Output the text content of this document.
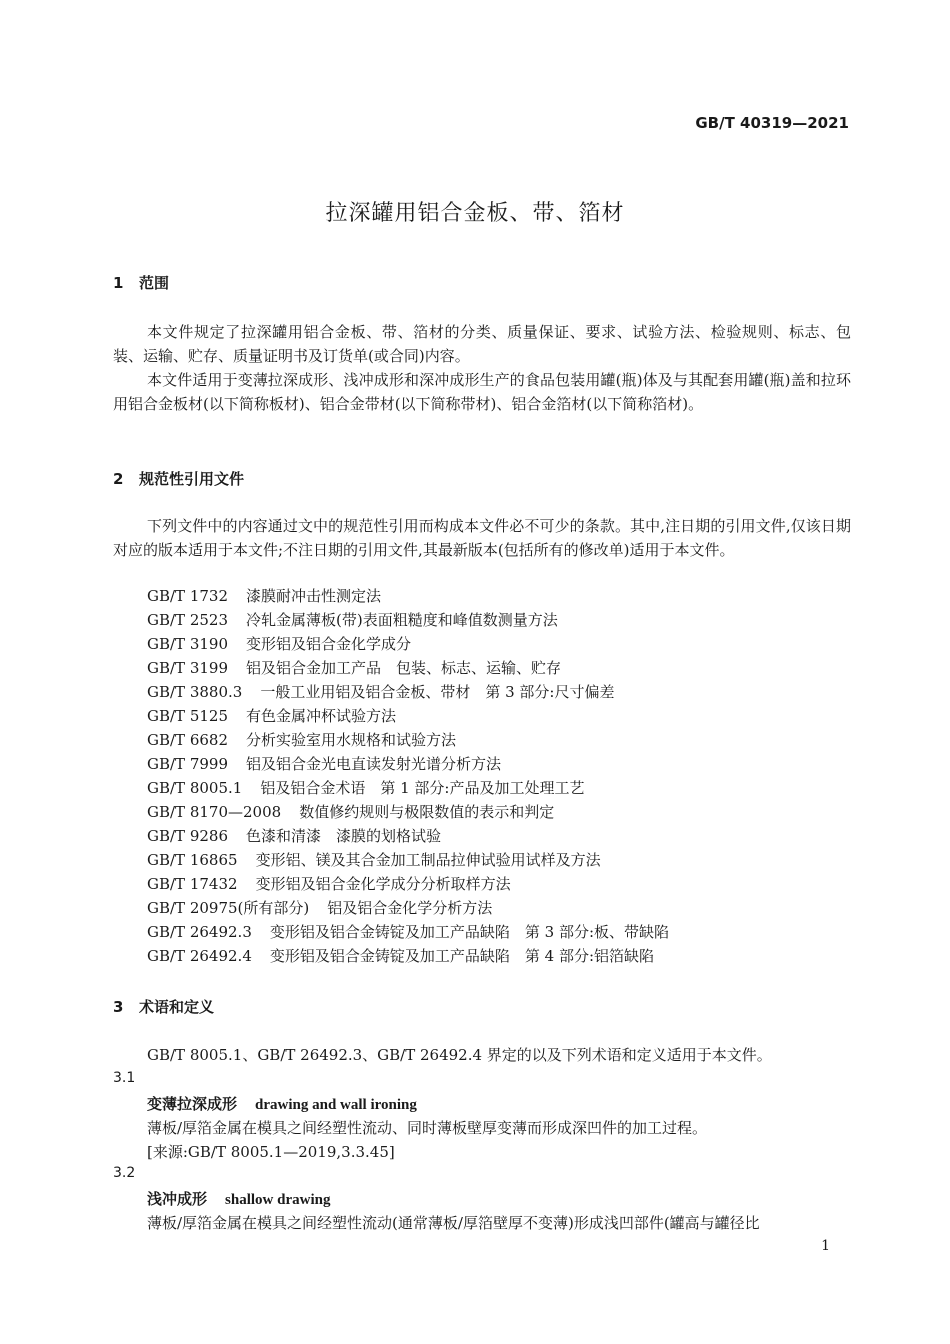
GB/T 40319—2021
拉深罐用铝合金板、带、箔材
1 范围
本文件规定了拉深罐用铝合金板、带、箔材的分类、质量保证、要求、试验方法、检验规则、标志、包装、运输、贮存、质量证明书及订货单(或合同)内容。
本文件适用于变薄拉深成形、浅冲成形和深冲成形生产的食品包装用罐(瓶)体及与其配套用罐(瓶)盖和拉环用铝合金板材(以下简称板材)、铝合金带材(以下简称带材)、铝合金箔材(以下简称箔材)。
2 规范性引用文件
下列文件中的内容通过文中的规范性引用而构成本文件必不可少的条款。其中,注日期的引用文件,仅该日期对应的版本适用于本文件;不注日期的引用文件,其最新版本(包括所有的修改单)适用于本文件。
GB/T 1732 漆膜耐冲击性测定法
GB/T 2523 冷轧金属薄板(带)表面粗糙度和峰值数测量方法
GB/T 3190 变形铝及铝合金化学成分
GB/T 3199 铝及铝合金加工产品　包装、标志、运输、贮存
GB/T 3880.3 一般工业用铝及铝合金板、带材　第 3 部分:尺寸偏差
GB/T 5125 有色金属冲杯试验方法
GB/T 6682 分析实验室用水规格和试验方法
GB/T 7999 铝及铝合金光电直读发射光谱分析方法
GB/T 8005.1 铝及铝合金术语　第 1 部分:产品及加工处理工艺
GB/T 8170—2008 数值修约规则与极限数值的表示和判定
GB/T 9286 色漆和清漆　漆膜的划格试验
GB/T 16865 变形铝、镁及其合金加工制品拉伸试验用试样及方法
GB/T 17432 变形铝及铝合金化学成分分析取样方法
GB/T 20975(所有部分) 铝及铝合金化学分析方法
GB/T 26492.3 变形铝及铝合金铸锭及加工产品缺陷　第 3 部分:板、带缺陷
GB/T 26492.4 变形铝及铝合金铸锭及加工产品缺陷　第 4 部分:铝箔缺陷
3 术语和定义
GB/T 8005.1、GB/T 26492.3、GB/T 26492.4 界定的以及下列术语和定义适用于本文件。
3.1
变薄拉深成形 drawing and wall ironing
薄板/厚箔金属在模具之间经塑性流动、同时薄板壁厚变薄而形成深凹件的加工过程。
[来源:GB/T 8005.1—2019,3.3.45]
3.2
浅冲成形 shallow drawing
薄板/厚箔金属在模具之间经塑性流动(通常薄板/厚箔壁厚不变薄)形成浅凹部件(罐高与罐径比
1
